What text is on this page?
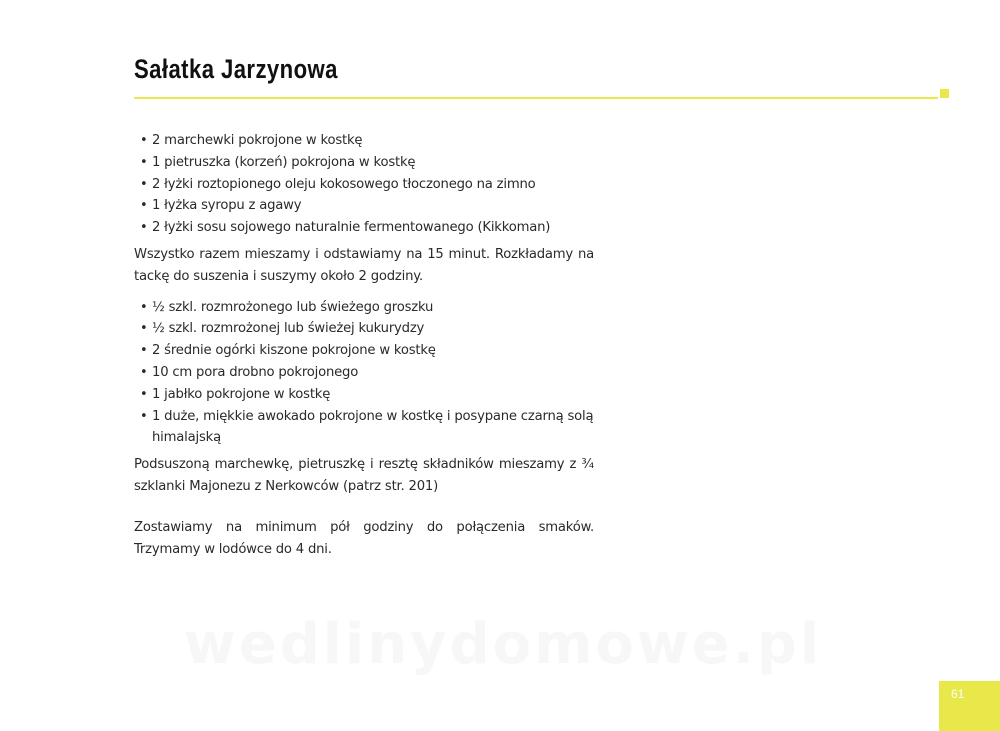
Sałatka Jarzynowa
• 2 marchewki pokrojone w kostkę
• 1 pietruszka (korzeń) pokrojona w kostkę
• 2 łyżki roztopionego oleju kokosowego tłoczonego na zimno
• 1 łyżka syropu z agawy
• 2 łyżki sosu sojowego naturalnie fermentowanego (Kikkoman)

Wszystko razem mieszamy i odstawiamy na 15 minut. Rozkładamy na tackę do suszenia i suszymy około 2 godziny.

• ½ szkl. rozmrożonego lub świeżego groszku
• ½ szkl. rozmrożonej lub świeżej kukurydzy
• 2 średnie ogórki kiszone pokrojone w kostkę
• 10 cm pora drobno pokrojonego
• 1 jabłko pokrojone w kostkę
• 1 duże, miękkie awokado pokrojone w kostkę i posypane czarną solą himalajską

Podsuszoną marchewkę, pietruszkę i resztę składników mieszamy z ¾ szklanki Majonezu z Nerkowców (patrz str. 201)

Zostawiamy na minimum pół godziny do połączenia smaków. Trzymamy w lodówce do 4 dni.

wedlinydomowe.pl
61
